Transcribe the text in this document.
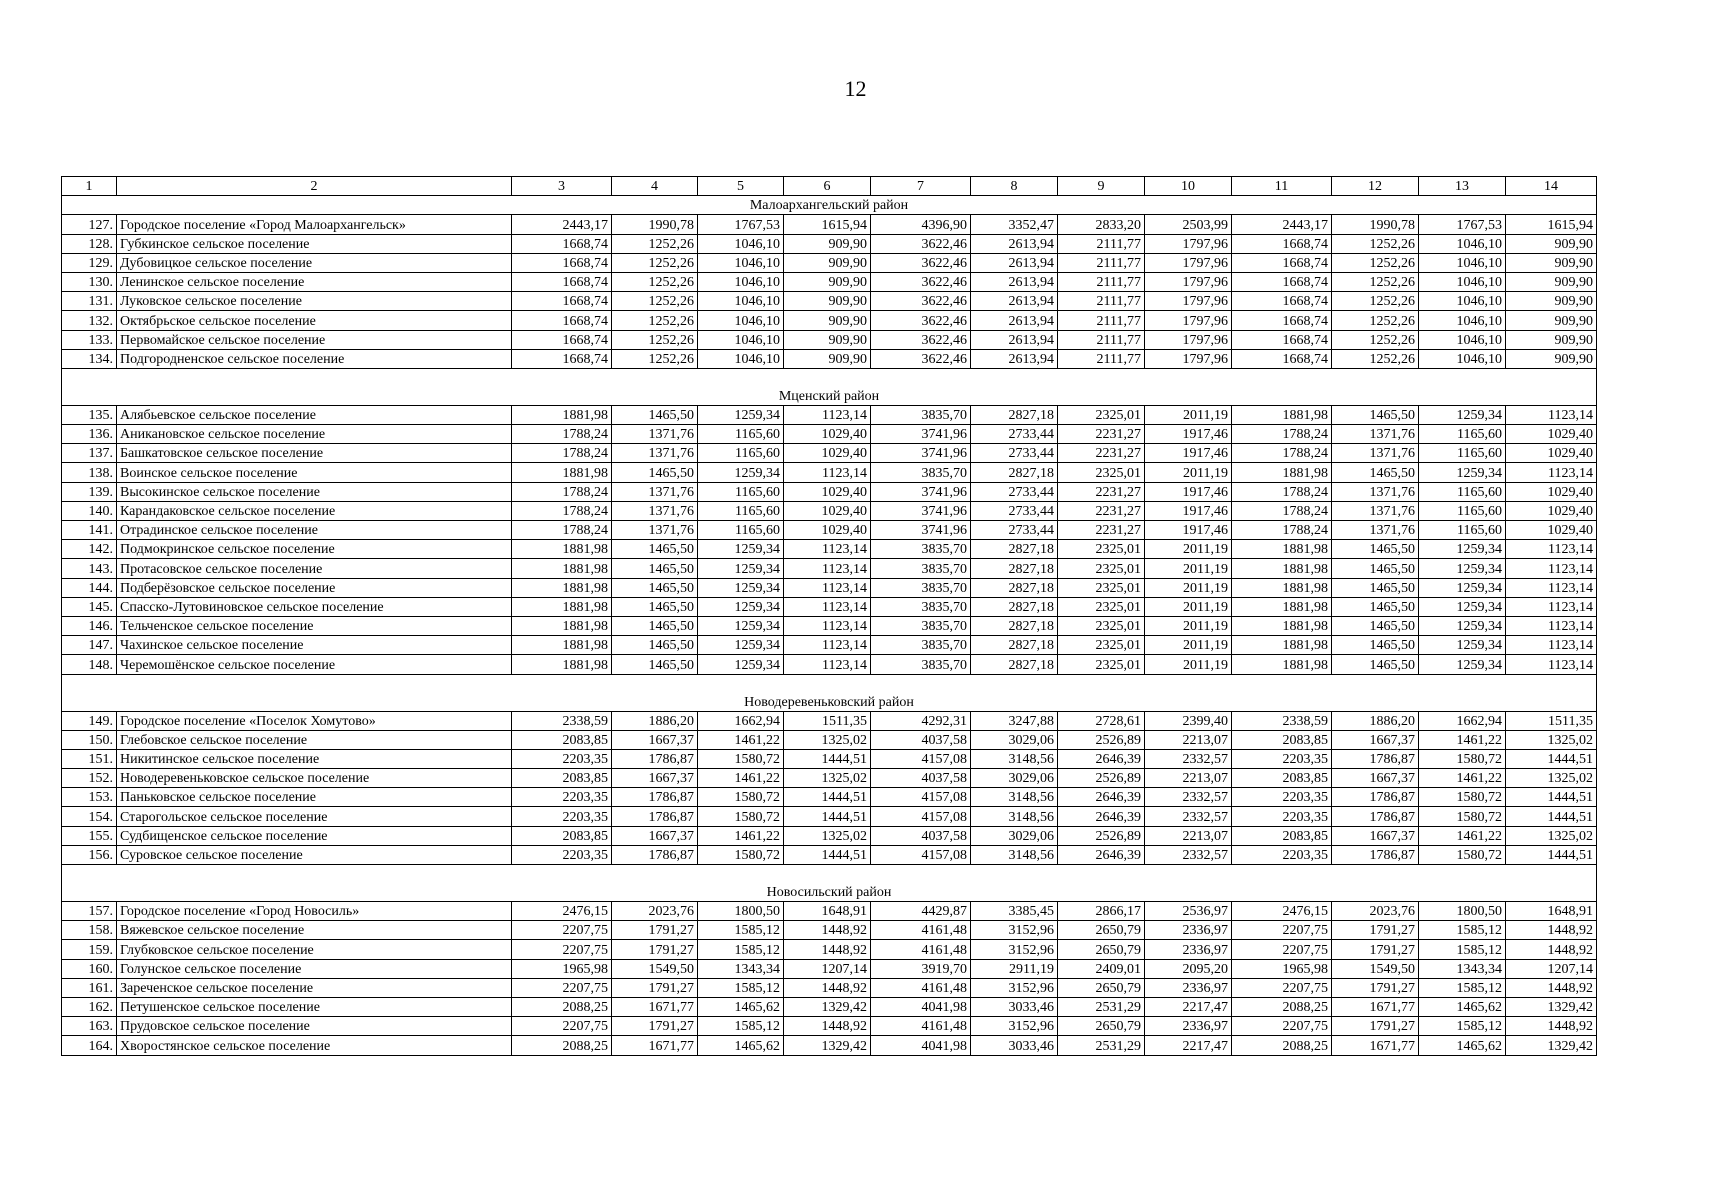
12
1	2	3	4	5	6	7	8	9	10	11	12	13	14
Малоархангельский район													
127.	Городское поселение «Город Малоархангельск»	2443,17	1990,78	1767,53	1615,94	4396,90	3352,47	2833,20	2503,99	2443,17	1990,78	1767,53	1615,94
128.	Губкинское сельское поселение	1668,74	1252,26	1046,10	909,90	3622,46	2613,94	2111,77	1797,96	1668,74	1252,26	1046,10	909,90
129.	Дубовицкое сельское поселение	1668,74	1252,26	1046,10	909,90	3622,46	2613,94	2111,77	1797,96	1668,74	1252,26	1046,10	909,90
130.	Ленинское сельское поселение	1668,74	1252,26	1046,10	909,90	3622,46	2613,94	2111,77	1797,96	1668,74	1252,26	1046,10	909,90
131.	Луковское сельское поселение	1668,74	1252,26	1046,10	909,90	3622,46	2613,94	2111,77	1797,96	1668,74	1252,26	1046,10	909,90
132.	Октябрьское сельское поселение	1668,74	1252,26	1046,10	909,90	3622,46	2613,94	2111,77	1797,96	1668,74	1252,26	1046,10	909,90
133.	Первомайское сельское поселение	1668,74	1252,26	1046,10	909,90	3622,46	2613,94	2111,77	1797,96	1668,74	1252,26	1046,10	909,90
134.	Подгородненское сельское поселение	1668,74	1252,26	1046,10	909,90	3622,46	2613,94	2111,77	1797,96	1668,74	1252,26	1046,10	909,90
Мценский район													
135.	Алябьевское сельское поселение	1881,98	1465,50	1259,34	1123,14	3835,70	2827,18	2325,01	2011,19	1881,98	1465,50	1259,34	1123,14
136.	Аникановское сельское поселение	1788,24	1371,76	1165,60	1029,40	3741,96	2733,44	2231,27	1917,46	1788,24	1371,76	1165,60	1029,40
137.	Башкатовское сельское поселение	1788,24	1371,76	1165,60	1029,40	3741,96	2733,44	2231,27	1917,46	1788,24	1371,76	1165,60	1029,40
138.	Воинское сельское поселение	1881,98	1465,50	1259,34	1123,14	3835,70	2827,18	2325,01	2011,19	1881,98	1465,50	1259,34	1123,14
139.	Высокинское сельское поселение	1788,24	1371,76	1165,60	1029,40	3741,96	2733,44	2231,27	1917,46	1788,24	1371,76	1165,60	1029,40
140.	Карандаковское сельское поселение	1788,24	1371,76	1165,60	1029,40	3741,96	2733,44	2231,27	1917,46	1788,24	1371,76	1165,60	1029,40
141.	Отрадинское сельское поселение	1788,24	1371,76	1165,60	1029,40	3741,96	2733,44	2231,27	1917,46	1788,24	1371,76	1165,60	1029,40
142.	Подмокринское сельское поселение	1881,98	1465,50	1259,34	1123,14	3835,70	2827,18	2325,01	2011,19	1881,98	1465,50	1259,34	1123,14
143.	Протасовское сельское поселение	1881,98	1465,50	1259,34	1123,14	3835,70	2827,18	2325,01	2011,19	1881,98	1465,50	1259,34	1123,14
144.	Подберёзовское сельское поселение	1881,98	1465,50	1259,34	1123,14	3835,70	2827,18	2325,01	2011,19	1881,98	1465,50	1259,34	1123,14
145.	Спасско-Лутовиновское сельское поселение	1881,98	1465,50	1259,34	1123,14	3835,70	2827,18	2325,01	2011,19	1881,98	1465,50	1259,34	1123,14
146.	Тельченское сельское поселение	1881,98	1465,50	1259,34	1123,14	3835,70	2827,18	2325,01	2011,19	1881,98	1465,50	1259,34	1123,14
147.	Чахинское сельское поселение	1881,98	1465,50	1259,34	1123,14	3835,70	2827,18	2325,01	2011,19	1881,98	1465,50	1259,34	1123,14
148.	Черемошёнское сельское поселение	1881,98	1465,50	1259,34	1123,14	3835,70	2827,18	2325,01	2011,19	1881,98	1465,50	1259,34	1123,14
Новодеревеньковский район													
149.	Городское поселение «Поселок Хомутово»	2338,59	1886,20	1662,94	1511,35	4292,31	3247,88	2728,61	2399,40	2338,59	1886,20	1662,94	1511,35
150.	Глебовское сельское поселение	2083,85	1667,37	1461,22	1325,02	4037,58	3029,06	2526,89	2213,07	2083,85	1667,37	1461,22	1325,02
151.	Никитинское сельское поселение	2203,35	1786,87	1580,72	1444,51	4157,08	3148,56	2646,39	2332,57	2203,35	1786,87	1580,72	1444,51
152.	Новодеревеньковское сельское поселение	2083,85	1667,37	1461,22	1325,02	4037,58	3029,06	2526,89	2213,07	2083,85	1667,37	1461,22	1325,02
153.	Паньковское сельское поселение	2203,35	1786,87	1580,72	1444,51	4157,08	3148,56	2646,39	2332,57	2203,35	1786,87	1580,72	1444,51
154.	Старогольское сельское поселение	2203,35	1786,87	1580,72	1444,51	4157,08	3148,56	2646,39	2332,57	2203,35	1786,87	1580,72	1444,51
155.	Судбищенское сельское поселение	2083,85	1667,37	1461,22	1325,02	4037,58	3029,06	2526,89	2213,07	2083,85	1667,37	1461,22	1325,02
156.	Суровское сельское поселение	2203,35	1786,87	1580,72	1444,51	4157,08	3148,56	2646,39	2332,57	2203,35	1786,87	1580,72	1444,51
Новосильский район													
157.	Городское поселение «Город Новосиль»	2476,15	2023,76	1800,50	1648,91	4429,87	3385,45	2866,17	2536,97	2476,15	2023,76	1800,50	1648,91
158.	Вяжевское сельское поселение	2207,75	1791,27	1585,12	1448,92	4161,48	3152,96	2650,79	2336,97	2207,75	1791,27	1585,12	1448,92
159.	Глубковское сельское поселение	2207,75	1791,27	1585,12	1448,92	4161,48	3152,96	2650,79	2336,97	2207,75	1791,27	1585,12	1448,92
160.	Голунское сельское поселение	1965,98	1549,50	1343,34	1207,14	3919,70	2911,19	2409,01	2095,20	1965,98	1549,50	1343,34	1207,14
161.	Зареченское сельское поселение	2207,75	1791,27	1585,12	1448,92	4161,48	3152,96	2650,79	2336,97	2207,75	1791,27	1585,12	1448,92
162.	Петушенское сельское поселение	2088,25	1671,77	1465,62	1329,42	4041,98	3033,46	2531,29	2217,47	2088,25	1671,77	1465,62	1329,42
163.	Прудовское сельское поселение	2207,75	1791,27	1585,12	1448,92	4161,48	3152,96	2650,79	2336,97	2207,75	1791,27	1585,12	1448,92
164.	Хворостянское сельское поселение	2088,25	1671,77	1465,62	1329,42	4041,98	3033,46	2531,29	2217,47	2088,25	1671,77	1465,62	1329,42
